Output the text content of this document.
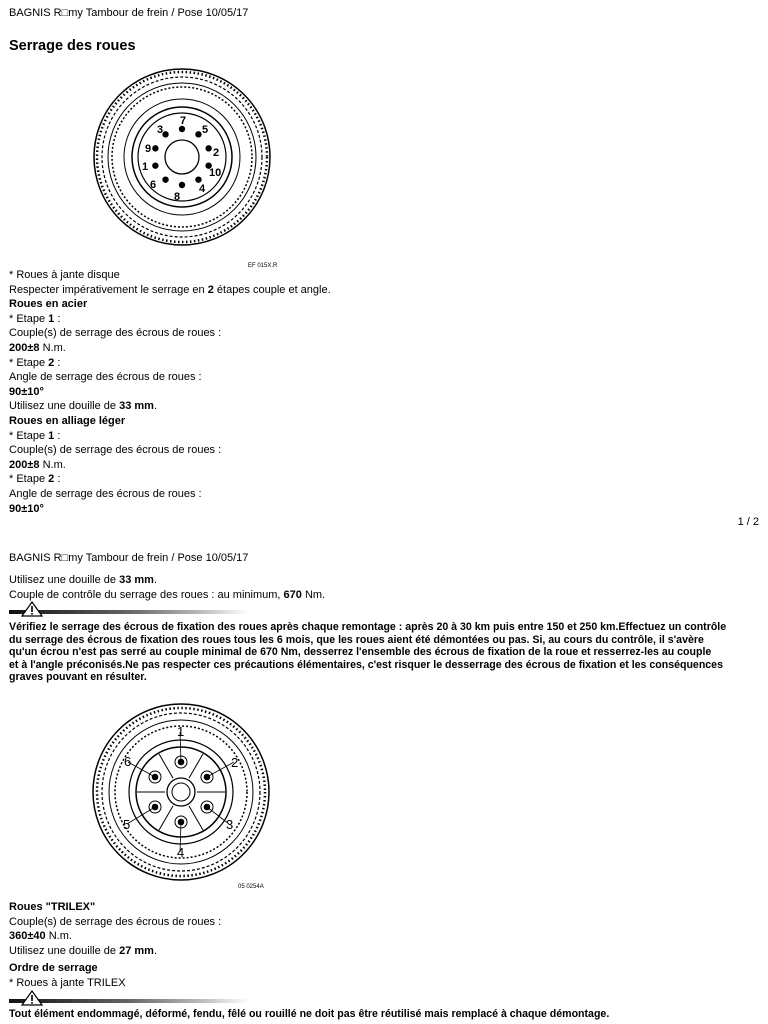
BAGNIS R□my Tambour de frein / Pose 10/05/17
Serrage des roues
7
5
3
9	2
1	10
6	4
8
EF 015X.R
* Roues à jante disque
Respecter impérativement le serrage en 2 étapes couple et angle.
Roues en acier
* Etape 1 :
Couple(s) de serrage des écrous de roues :
200±8 N.m.
* Etape 2 :
Angle de serrage des écrous de roues :
90±10°
Utilisez une douille de 33 mm.
Roues en alliage léger
* Etape 1 :
Couple(s) de serrage des écrous de roues :
200±8 N.m.
* Etape 2 :
Angle de serrage des écrous de roues :
90±10°
1 / 2
BAGNIS R□my Tambour de frein / Pose 10/05/17
Utilisez une douille de 33 mm.
Couple de contrôle du serrage des roues : au minimum, 670 Nm.
Vérifiez le serrage des écrous de fixation des roues après chaque remontage : après 20 à 30 km puis entre 150 et 250 km.Effectuez un contrôle
du serrage des écrous de fixation des roues tous les 6 mois, que les roues aient été démontées ou pas. Si, au cours du contrôle, il s'avère
qu'un écrou n'est pas serré au couple minimal de 670 Nm, desserrez l'ensemble des écrous de fixation de la roue et resserrez-les au couple
et à l'angle préconisés.Ne pas respecter ces précautions élémentaires, c'est risquer le desserrage des écrous de fixation et les conséquences
graves pouvant en résulter.
1
2
3
4
5
6
05 0254A
Roues "TRILEX"
Couple(s) de serrage des écrous de roues :
360±40 N.m.
Utilisez une douille de 27 mm.
Ordre de serrage
* Roues à jante TRILEX
Tout élément endommagé, déformé, fendu, fêlé ou rouillé ne doit pas être réutilisé mais remplacé à chaque démontage.
